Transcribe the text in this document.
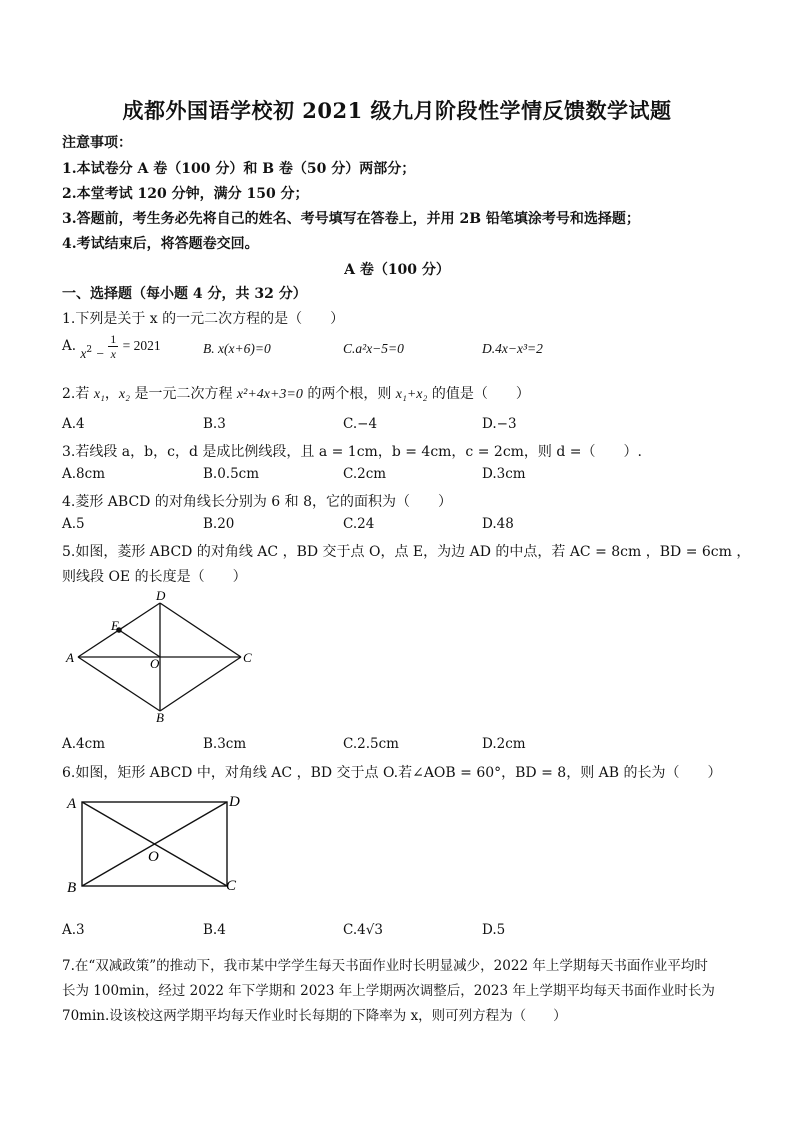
成都外国语学校初 2021 级九月阶段性学情反馈数学试题
注意事项：
1.本试卷分 A 卷（100 分）和 B 卷（50 分）两部分；
2.本堂考试 120 分钟，满分 150 分；
3.答题前，考生务必先将自己的姓名、考号填写在答卷上，并用 2B 铅笔填涂考号和选择题；
4.考试结束后，将答题卷交回。
A 卷（100 分）
一、选择题（每小题 4 分，共 32 分）
1.下列是关于 x 的一元二次方程的是（　　）
A. $x^2 - \frac{1}{x} = 2021$	B. x(x+6)=0	C.a²x−5=0	D.4x−x³=2
2.若 x₁，x₂ 是一元二次方程 x²+4x+3=0 的两个根，则 x₁+x₂ 的值是（　　）
A.4	B.3	C.−4	D.−3
3.若线段 a，b，c，d 是成比例线段，且 a = 1cm，b = 4cm，c = 2cm，则 d =（　　）.
A.8cm	B.0.5cm	C.2cm	D.3cm
4.菱形 ABCD 的对角线长分别为 6 和 8，它的面积为（　　）
A.5	B.20	C.24	D.48
5.如图，菱形 ABCD 的对角线 AC ，BD 交于点 O，点 E，为边 AD 的中点，若 AC = 8cm ，BD = 6cm ，
则线段 OE 的长度是（　　）
D
A	C
B
E
O
A.4cm	B.3cm	C.2.5cm	D.2cm
6.如图，矩形 ABCD 中，对角线 AC ，BD 交于点 O.若∠AOB = 60°，BD = 8，则 AB 的长为（　　）
A	D
B	C
O
A.3	B.4	C.4√3	D.5
7.在“双减政策”的推动下，我市某中学学生每天书面作业时长明显减少，2022 年上学期每天书面作业平均时
长为 100min，经过 2022 年下学期和 2023 年上学期两次调整后，2023 年上学期平均每天书面作业时长为
70min.设该校这两学期平均每天作业时长每期的下降率为 x，则可列方程为（　　）
